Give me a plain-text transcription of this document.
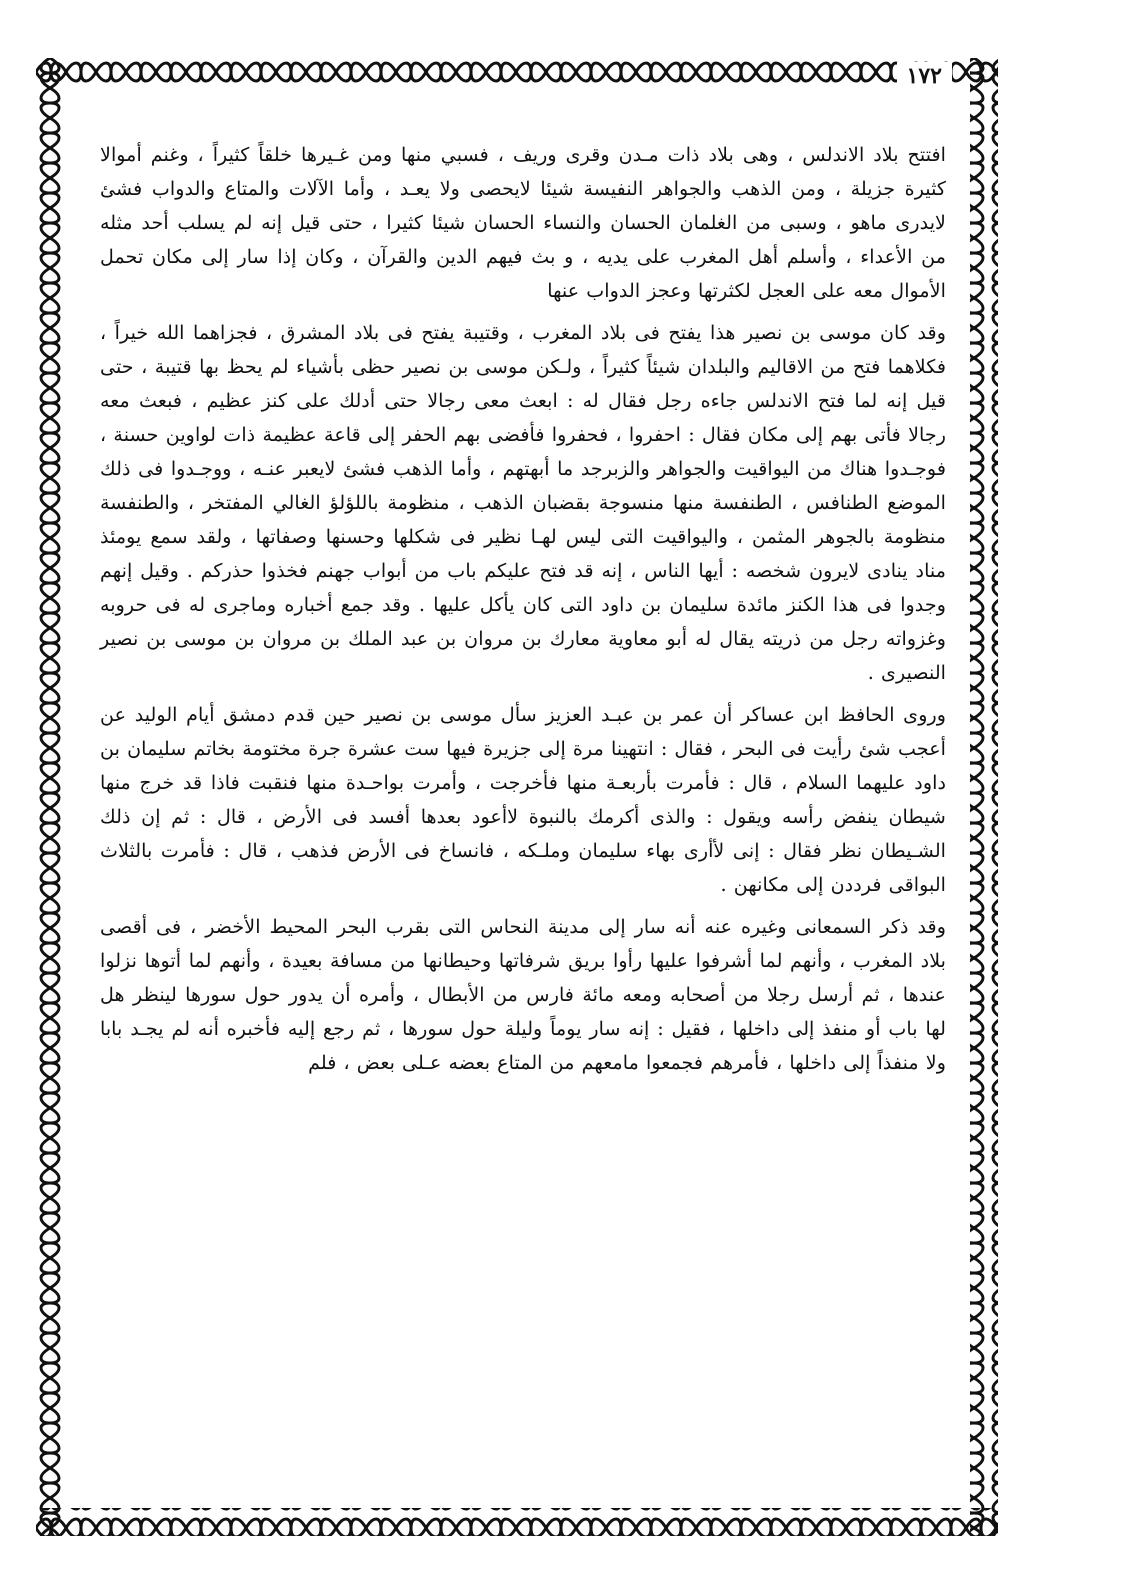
١٧٢

افتتح بلاد الاندلس ، وهى بلاد ذات مـدن وقرى وريف ، فسبي منها ومن غـيرها خلقاً كثيراً ، وغنم أموالا كثيرة جزيلة ، ومن الذهب والجواهر النفيسة شيئا لايحصى ولا يعـد ، وأما الآلات والمتاع والدواب فشئ لايدرى ماهو ، وسبى من الغلمان الحسان والنساء الحسان شيئا كثيرا ، حتى قيل إنه لم يسلب أحد مثله من الأعداء ، وأسلم أهل المغرب على يديه ، و بث فيهم الدين والقرآن ، وكان إذا سار إلى مكان تحمل الأموال معه على العجل لكثرتها وعجز الدواب عنها

وقد كان موسى بن نصير هذا يفتح فى بلاد المغرب ، وقتيبة يفتح فى بلاد المشرق ، فجزاهما الله خيراً ، فكلاهما فتح من الاقاليم والبلدان شيئاً كثيراً ، ولـكن موسى بن نصير حظى بأشياء لم يحظ بها قتيبة ، حتى قيل إنه لما فتح الاندلس جاءه رجل فقال له : ابعث معى رجالا حتى أدلك على كنز عظيم ، فبعث معه رجالا فأتى بهم إلى مكان فقال : احفروا ، فحفروا فأفضى بهم الحفر إلى قاعة عظيمة ذات لواوين حسنة ، فوجـدوا هناك من اليواقيت والجواهر والزبرجد ما أبهتهم ، وأما الذهب فشئ لايعبر عنـه ، ووجـدوا فى ذلك الموضع الطنافس ، الطنفسة منها منسوجة بقضبان الذهب ، منظومة باللؤلؤ الغالي المفتخر ، والطنفسة منظومة بالجوهر المثمن ، واليواقيت التى ليس لهـا نظير فى شكلها وحسنها وصفاتها ، ولقد سمع يومئذ مناد ينادى لايرون شخصه : أيها الناس ، إنه قد فتح عليكم باب من أبواب جهنم فخذوا حذركم . وقيل إنهم وجدوا فى هذا الكنز مائدة سليمان بن داود التى كان يأكل عليها . وقد جمع أخباره وماجرى له فى حروبه وغزواته رجل من ذريته يقال له أبو معاوية معارك بن مروان بن عبد الملك بن مروان بن موسى بن نصير النصيرى .

وروى الحافظ ابن عساكر أن عمر بن عبـد العزيز سأل موسى بن نصير حين قدم دمشق أيام الوليد عن أعجب شئ رأيت فى البحر ، فقال : انتهينا مرة إلى جزيرة فيها ست عشرة جرة مختومة بخاتم سليمان بن داود عليهما السلام ، قال : فأمرت بأربعـة منها فأخرجت ، وأمرت بواحـدة منها فنقبت فاذا قد خرج منها شيطان ينفض رأسه ويقول : والذى أكرمك بالنبوة لاأعود بعدها أفسد فى الأرض ، قال : ثم إن ذلك الشـيطان نظر فقال : إنى لأأرى بهاء سليمان وملـكه ، فانساخ فى الأرض فذهب ، قال : فأمرت بالثلاث البواقى فرددن إلى مكانهن .

وقد ذكر السمعانى وغيره عنه أنه سار إلى مدينة النحاس التى بقرب البحر المحيط الأخضر ، فى أقصى بلاد المغرب ، وأنهم لما أشرفوا عليها رأوا بريق شرفاتها وحيطانها من مسافة بعيدة ، وأنهم لما أتوها نزلوا عندها ، ثم أرسل رجلا من أصحابه ومعه مائة فارس من الأبطال ، وأمره أن يدور حول سورها لينظر هل لها باب أو منفذ إلى داخلها ، فقيل : إنه سار يوماً وليلة حول سورها ، ثم رجع إليه فأخبره أنه لم يجـد بابا ولا منفذاً إلى داخلها ، فأمرهم فجمعوا مامعهم من المتاع بعضه عـلى بعض ، فلم
